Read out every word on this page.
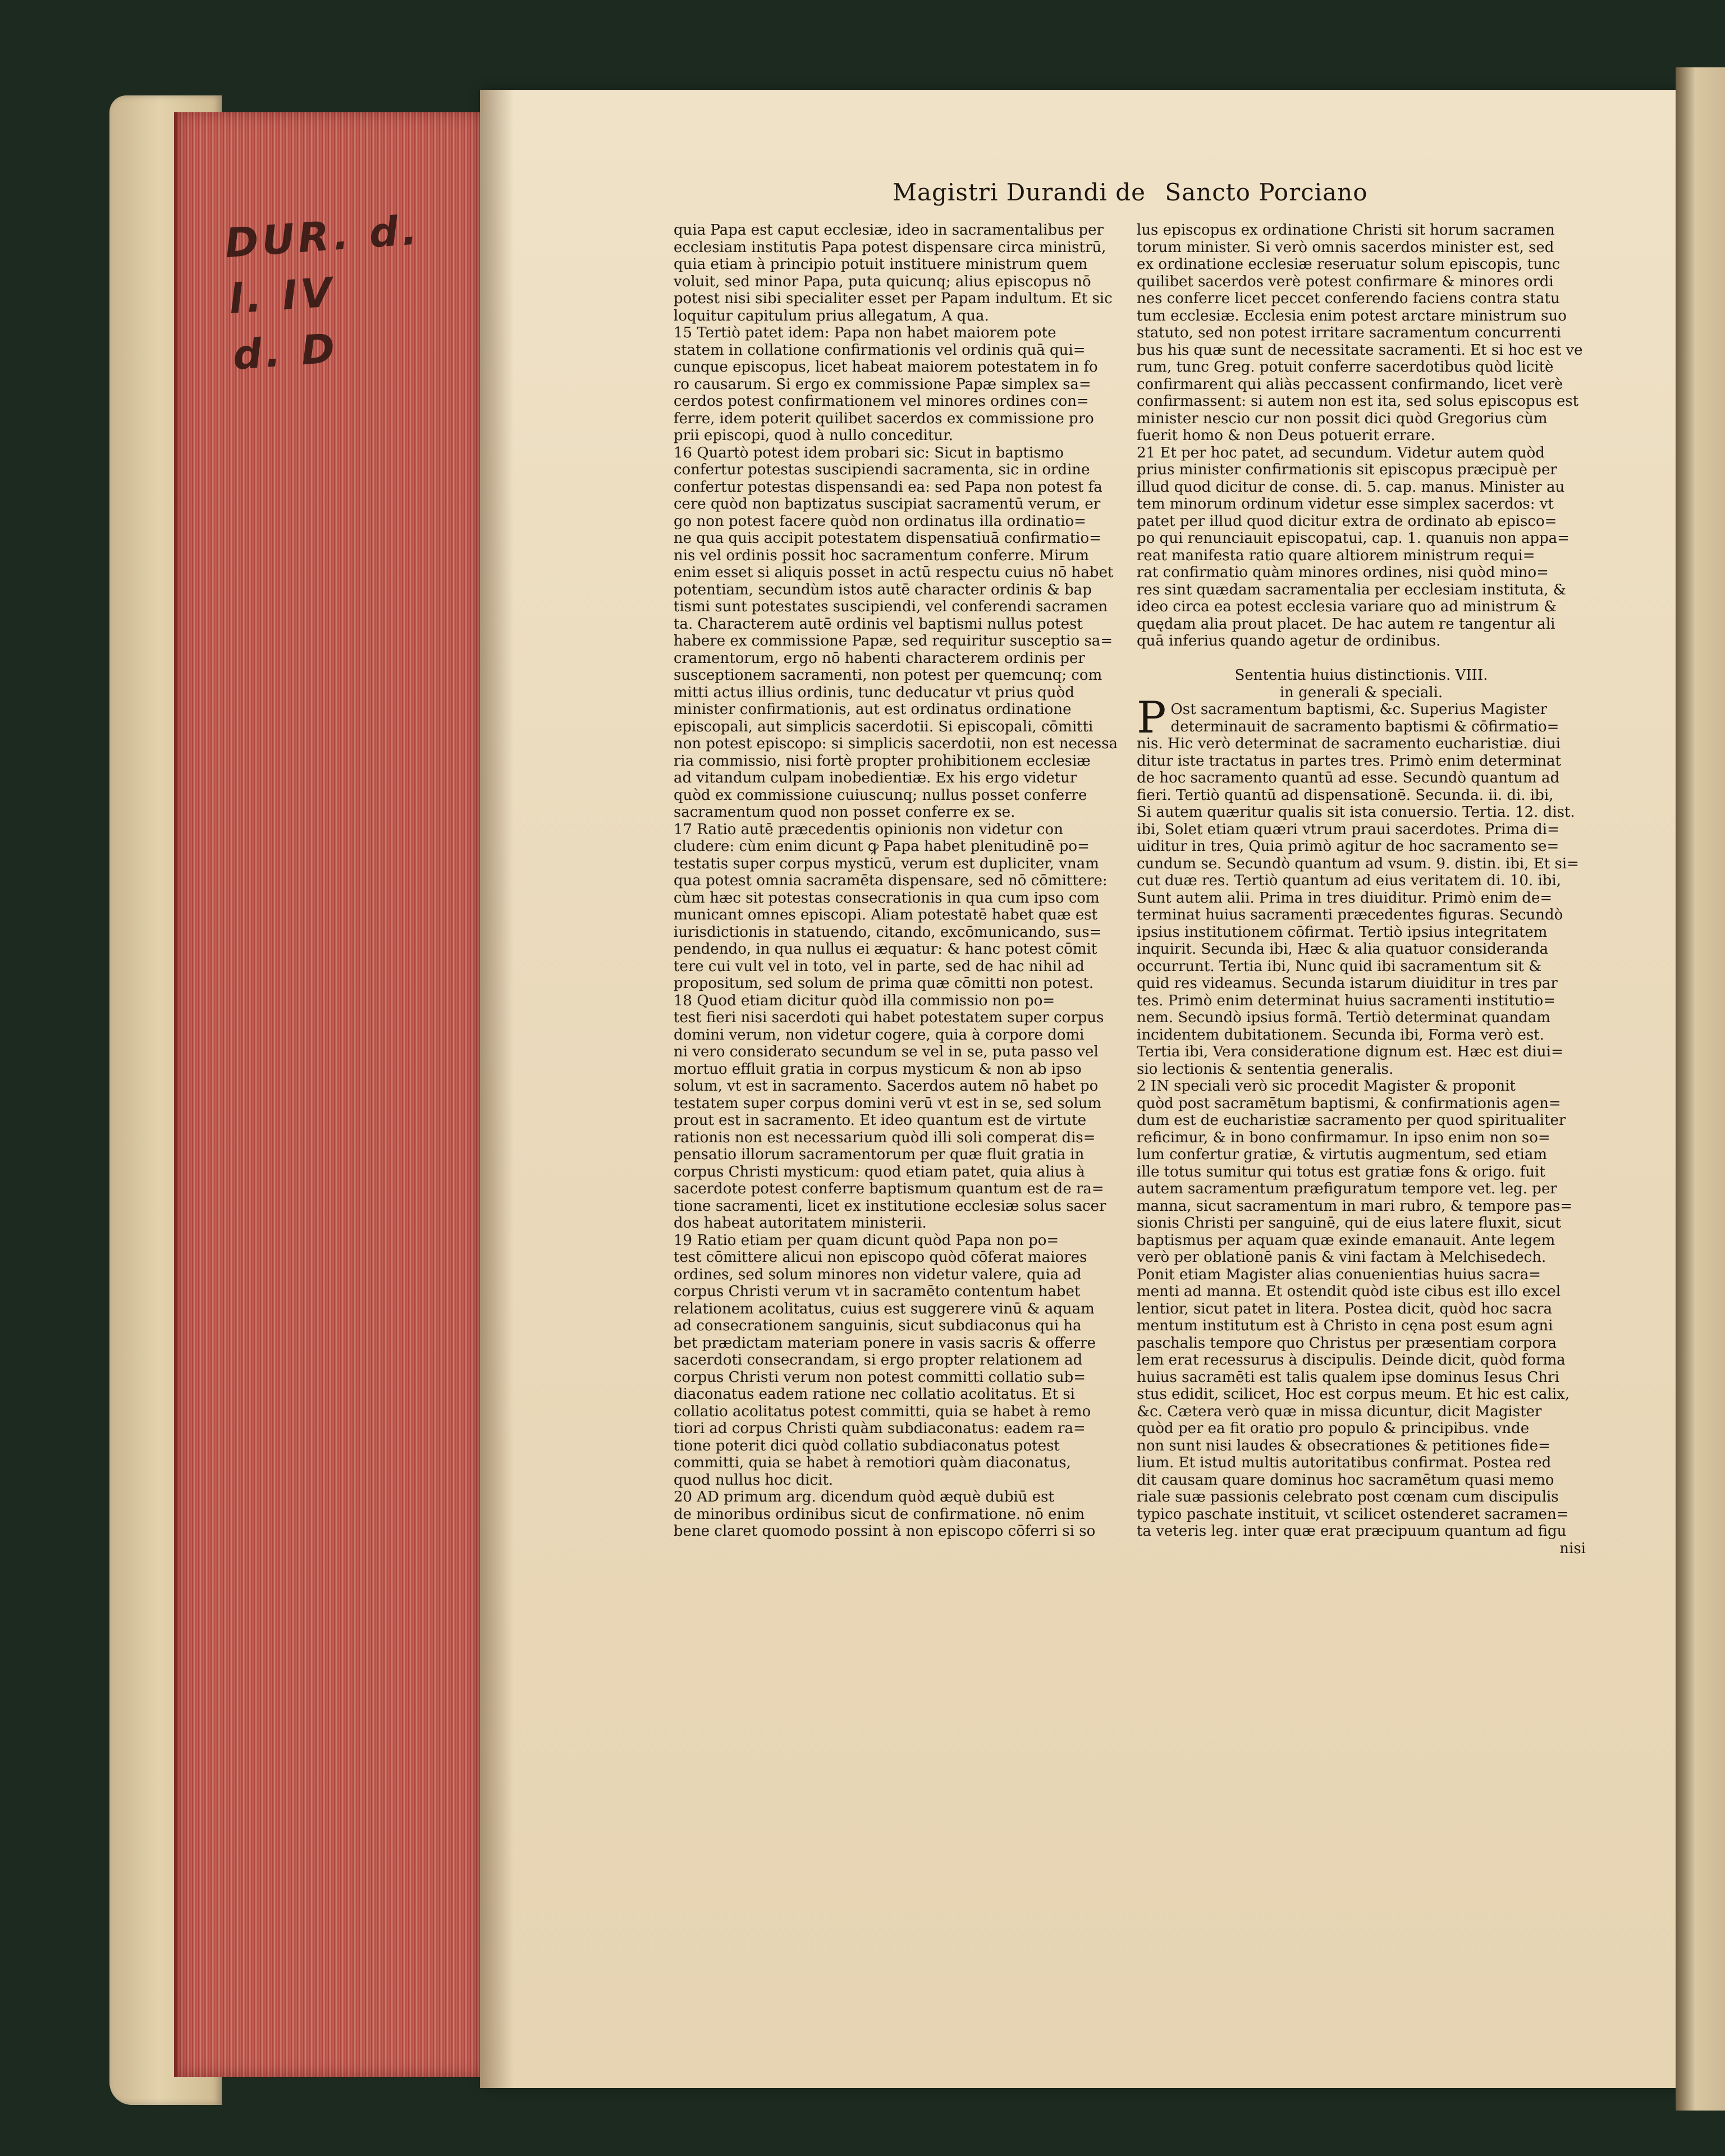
DUR. d. l. IV
d. D
Magistri Durandi de Sancto Porciano
quia Papa est caput ecclesiæ, ideo in sacramentalibus per
ecclesiam institutis Papa potest dispensare circa ministrū,
quia etiam à principio potuit instituere ministrum quem
voluit, sed minor Papa, puta quicunq; alius episcopus nō
potest nisi sibi specialiter esset per Papam indultum. Et sic
loquitur capitulum prius allegatum, A qua.
15 Tertiò patet idem: Papa non habet maiorem pote
statem in collatione confirmationis vel ordinis quā qui=
cunque episcopus, licet habeat maiorem potestatem in fo
ro causarum. Si ergo ex commissione Papæ simplex sa=
cerdos potest confirmationem vel minores ordines con=
ferre, idem poterit quilibet sacerdos ex commissione pro
prii episcopi, quod à nullo conceditur.
16 Quartò potest idem probari sic: Sicut in baptismo
confertur potestas suscipiendi sacramenta, sic in ordine
confertur potestas dispensandi ea: sed Papa non potest fa
cere quòd non baptizatus suscipiat sacramentū verum, er
go non potest facere quòd non ordinatus illa ordinatio=
ne qua quis accipit potestatem dispensatiuā confirmatio=
nis vel ordinis possit hoc sacramentum conferre. Mirum
enim esset si aliquis posset in actū respectu cuius nō habet
potentiam, secundùm istos autē character ordinis & bap
tismi sunt potestates suscipiendi, vel conferendi sacramen
ta. Characterem autē ordinis vel baptismi nullus potest
habere ex commissione Papæ, sed requiritur susceptio sa=
cramentorum, ergo nō habenti characterem ordinis per
susceptionem sacramenti, non potest per quemcunq; com
mitti actus illius ordinis, tunc deducatur vt prius quòd
minister confirmationis, aut est ordinatus ordinatione
episcopali, aut simplicis sacerdotii. Si episcopali, cōmitti
non potest episcopo: si simplicis sacerdotii, non est necessa
ria commissio, nisi fortè propter prohibitionem ecclesiæ
ad vitandum culpam inobedientiæ. Ex his ergo videtur
quòd ex commissione cuiuscunq; nullus posset conferre
sacramentum quod non posset conferre ex se.
17 Ratio autē præcedentis opinionis non videtur con
cludere: cùm enim dicunt ꝙ Papa habet plenitudinē po=
testatis super corpus mysticū, verum est dupliciter, vnam
qua potest omnia sacramēta dispensare, sed nō cōmittere:
cùm hæc sit potestas consecrationis in qua cum ipso com
municant omnes episcopi. Aliam potestatē habet quæ est
iurisdictionis in statuendo, citando, excōmunicando, sus=
pendendo, in qua nullus ei æquatur: & hanc potest cōmit
tere cui vult vel in toto, vel in parte, sed de hac nihil ad
propositum, sed solum de prima quæ cōmitti non potest.
18 Quod etiam dicitur quòd illa commissio non po=
test fieri nisi sacerdoti qui habet potestatem super corpus
domini verum, non videtur cogere, quia à corpore domi
ni vero considerato secundum se vel in se, puta passo vel
mortuo effluit gratia in corpus mysticum & non ab ipso
solum, vt est in sacramento. Sacerdos autem nō habet po
testatem super corpus domini verū vt est in se, sed solum
prout est in sacramento. Et ideo quantum est de virtute
rationis non est necessarium quòd illi soli comperat dis=
pensatio illorum sacramentorum per quæ fluit gratia in
corpus Christi mysticum: quod etiam patet, quia alius à
sacerdote potest conferre baptismum quantum est de ra=
tione sacramenti, licet ex institutione ecclesiæ solus sacer
dos habeat autoritatem ministerii.
19 Ratio etiam per quam dicunt quòd Papa non po=
test cōmittere alicui non episcopo quòd cōferat maiores
ordines, sed solum minores non videtur valere, quia ad
corpus Christi verum vt in sacramēto contentum habet
relationem acolitatus, cuius est suggerere vinū & aquam
ad consecrationem sanguinis, sicut subdiaconus qui ha
bet prædictam materiam ponere in vasis sacris & offerre
sacerdoti consecrandam, si ergo propter relationem ad
corpus Christi verum non potest committi collatio sub=
diaconatus eadem ratione nec collatio acolitatus. Et si
collatio acolitatus potest committi, quia se habet à remo
tiori ad corpus Christi quàm subdiaconatus: eadem ra=
tione poterit dici quòd collatio subdiaconatus potest
committi, quia se habet à remotiori quàm diaconatus,
quod nullus hoc dicit.
20 AD primum arg. dicendum quòd æquè dubiū est
de minoribus ordinibus sicut de confirmatione. nō enim
bene claret quomodo possint à non episcopo cōferri si so
lus episcopus ex ordinatione Christi sit horum sacramen
torum minister. Si verò omnis sacerdos minister est, sed
ex ordinatione ecclesiæ reseruatur solum episcopis, tunc
quilibet sacerdos verè potest confirmare & minores ordi
nes conferre licet peccet conferendo faciens contra statu
tum ecclesiæ. Ecclesia enim potest arctare ministrum suo
statuto, sed non potest irritare sacramentum concurrenti
bus his quæ sunt de necessitate sacramenti. Et si hoc est ve
rum, tunc Greg. potuit conferre sacerdotibus quòd licitè
confirmarent qui aliàs peccassent confirmando, licet verè
confirmassent: si autem non est ita, sed solus episcopus est
minister nescio cur non possit dici quòd Gregorius cùm
fuerit homo & non Deus potuerit errare.
21 Et per hoc patet, ad secundum. Videtur autem quòd
prius minister confirmationis sit episcopus præcipuè per
illud quod dicitur de conse. di. 5. cap. manus. Minister au
tem minorum ordinum videtur esse simplex sacerdos: vt
patet per illud quod dicitur extra de ordinato ab episco=
po qui renunciauit episcopatui, cap. 1. quanuis non appa=
reat manifesta ratio quare altiorem ministrum requi=
rat confirmatio quàm minores ordines, nisi quòd mino=
res sint quædam sacramentalia per ecclesiam instituta, &
ideo circa ea potest ecclesia variare quo ad ministrum &
quędam alia prout placet. De hac autem re tangentur ali
quā inferius quando agetur de ordinibus.
Sententia huius distinctionis. VIII.
in generali & speciali.
P Ost sacramentum baptismi, &c. Superius Magister
determinauit de sacramento baptismi & cōfirmatio=
nis. Hic verò determinat de sacramento eucharistiæ. diui
ditur iste tractatus in partes tres. Primò enim determinat
de hoc sacramento quantū ad esse. Secundò quantum ad
fieri. Tertiò quantū ad dispensationē. Secunda. ii. di. ibi,
Si autem quæritur qualis sit ista conuersio. Tertia. 12. dist.
ibi, Solet etiam quæri vtrum praui sacerdotes. Prima di=
uiditur in tres, Quia primò agitur de hoc sacramento se=
cundum se. Secundò quantum ad vsum. 9. distin. ibi, Et si=
cut duæ res. Tertiò quantum ad eius veritatem di. 10. ibi,
Sunt autem alii. Prima in tres diuiditur. Primò enim de=
terminat huius sacramenti præcedentes figuras. Secundò
ipsius institutionem cōfirmat. Tertiò ipsius integritatem
inquirit. Secunda ibi, Hæc & alia quatuor consideranda
occurrunt. Tertia ibi, Nunc quid ibi sacramentum sit &
quid res videamus. Secunda istarum diuiditur in tres par
tes. Primò enim determinat huius sacramenti institutio=
nem. Secundò ipsius formā. Tertiò determinat quandam
incidentem dubitationem. Secunda ibi, Forma verò est.
Tertia ibi, Vera consideratione dignum est. Hæc est diui=
sio lectionis & sententia generalis.
2 IN speciali verò sic procedit Magister & proponit
quòd post sacramētum baptismi, & confirmationis agen=
dum est de eucharistiæ sacramento per quod spiritualiter
reficimur, & in bono confirmamur. In ipso enim non so=
lum confertur gratiæ, & virtutis augmentum, sed etiam
ille totus sumitur qui totus est gratiæ fons & origo. fuit
autem sacramentum præfiguratum tempore vet. leg. per
manna, sicut sacramentum in mari rubro, & tempore pas=
sionis Christi per sanguinē, qui de eius latere fluxit, sicut
baptismus per aquam quæ exinde emanauit. Ante legem
verò per oblationē panis & vini factam à Melchisedech.
Ponit etiam Magister alias conuenientias huius sacra=
menti ad manna. Et ostendit quòd iste cibus est illo excel
lentior, sicut patet in litera. Postea dicit, quòd hoc sacra
mentum institutum est à Christo in cęna post esum agni
paschalis tempore quo Christus per præsentiam corpora
lem erat recessurus à discipulis. Deinde dicit, quòd forma
huius sacramēti est talis qualem ipse dominus Iesus Chri
stus edidit, scilicet, Hoc est corpus meum. Et hic est calix,
&c. Cætera verò quæ in missa dicuntur, dicit Magister
quòd per ea fit oratio pro populo & principibus. vnde
non sunt nisi laudes & obsecrationes & petitiones fide=
lium. Et istud multis autoritatibus confirmat. Postea red
dit causam quare dominus hoc sacramētum quasi memo
riale suæ passionis celebrato post cœnam cum discipulis
typico paschate instituit, vt scilicet ostenderet sacramen=
ta veteris leg. inter quæ erat præcipuum quantum ad figu
nisi
